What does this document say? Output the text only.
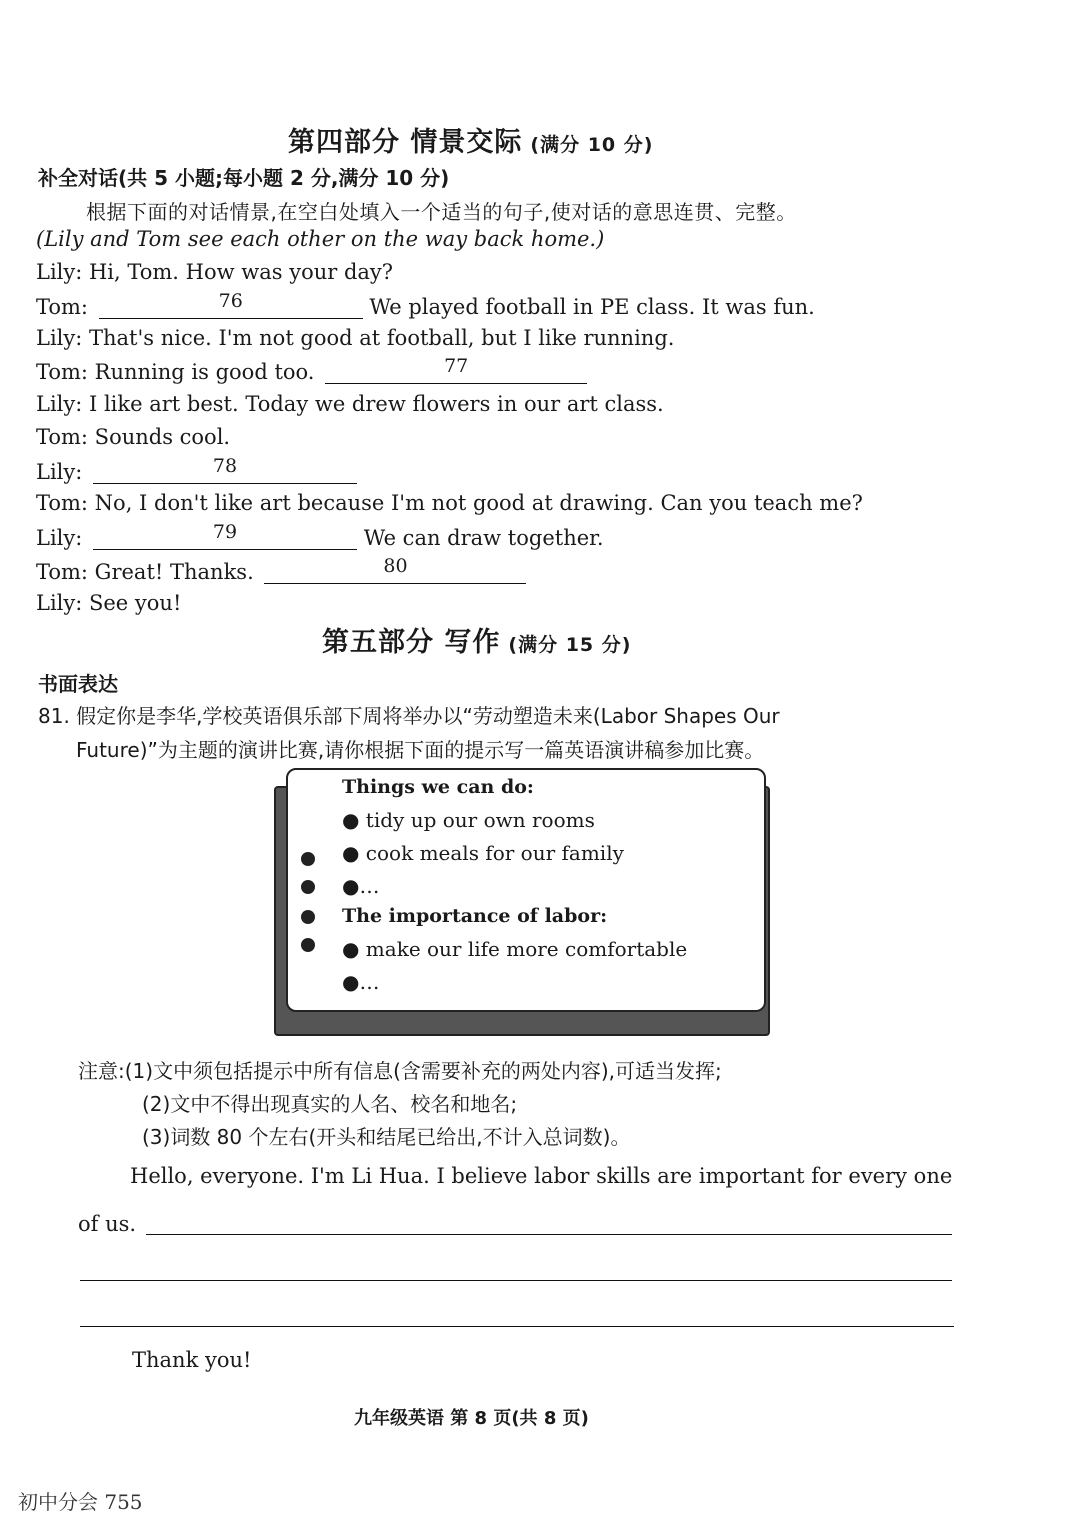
第四部分 情景交际 (满分 10 分)
补全对话(共 5 小题;每小题 2 分,满分 10 分)
根据下面的对话情景,在空白处填入一个适当的句子,使对话的意思连贯、完整。
(Lily and Tom see each other on the way back home.)
Lily: Hi, Tom. How was your day?
Tom:	76	We played football in PE class. It was fun.
Lily: That's nice. I'm not good at football, but I like running.
Tom: Running is good too.	77
Lily: I like art best. Today we drew flowers in our art class.
Tom: Sounds cool.
Lily:	78
Tom: No, I don't like art because I'm not good at drawing. Can you teach me?
Lily:	79	We can draw together.
Tom: Great! Thanks.	80
Lily: See you!
第五部分 写作 (满分 15 分)
书面表达
81. 假定你是李华,学校英语俱乐部下周将举办以“劳动塑造未来(Labor Shapes Our
Future)”为主题的演讲比赛,请你根据下面的提示写一篇英语演讲稿参加比赛。
Things we can do:
● tidy up our own rooms
● cook meals for our family
●…
The importance of labor:
● make our life more comfortable
●…
注意:(1)文中须包括提示中所有信息(含需要补充的两处内容),可适当发挥;
(2)文中不得出现真实的人名、校名和地名;
(3)词数 80 个左右(开头和结尾已给出,不计入总词数)。
Hello, everyone. I'm Li Hua. I believe labor skills are important for every one
of us.
Thank you!
九年级英语 第 8 页(共 8 页)
初中分会 755
